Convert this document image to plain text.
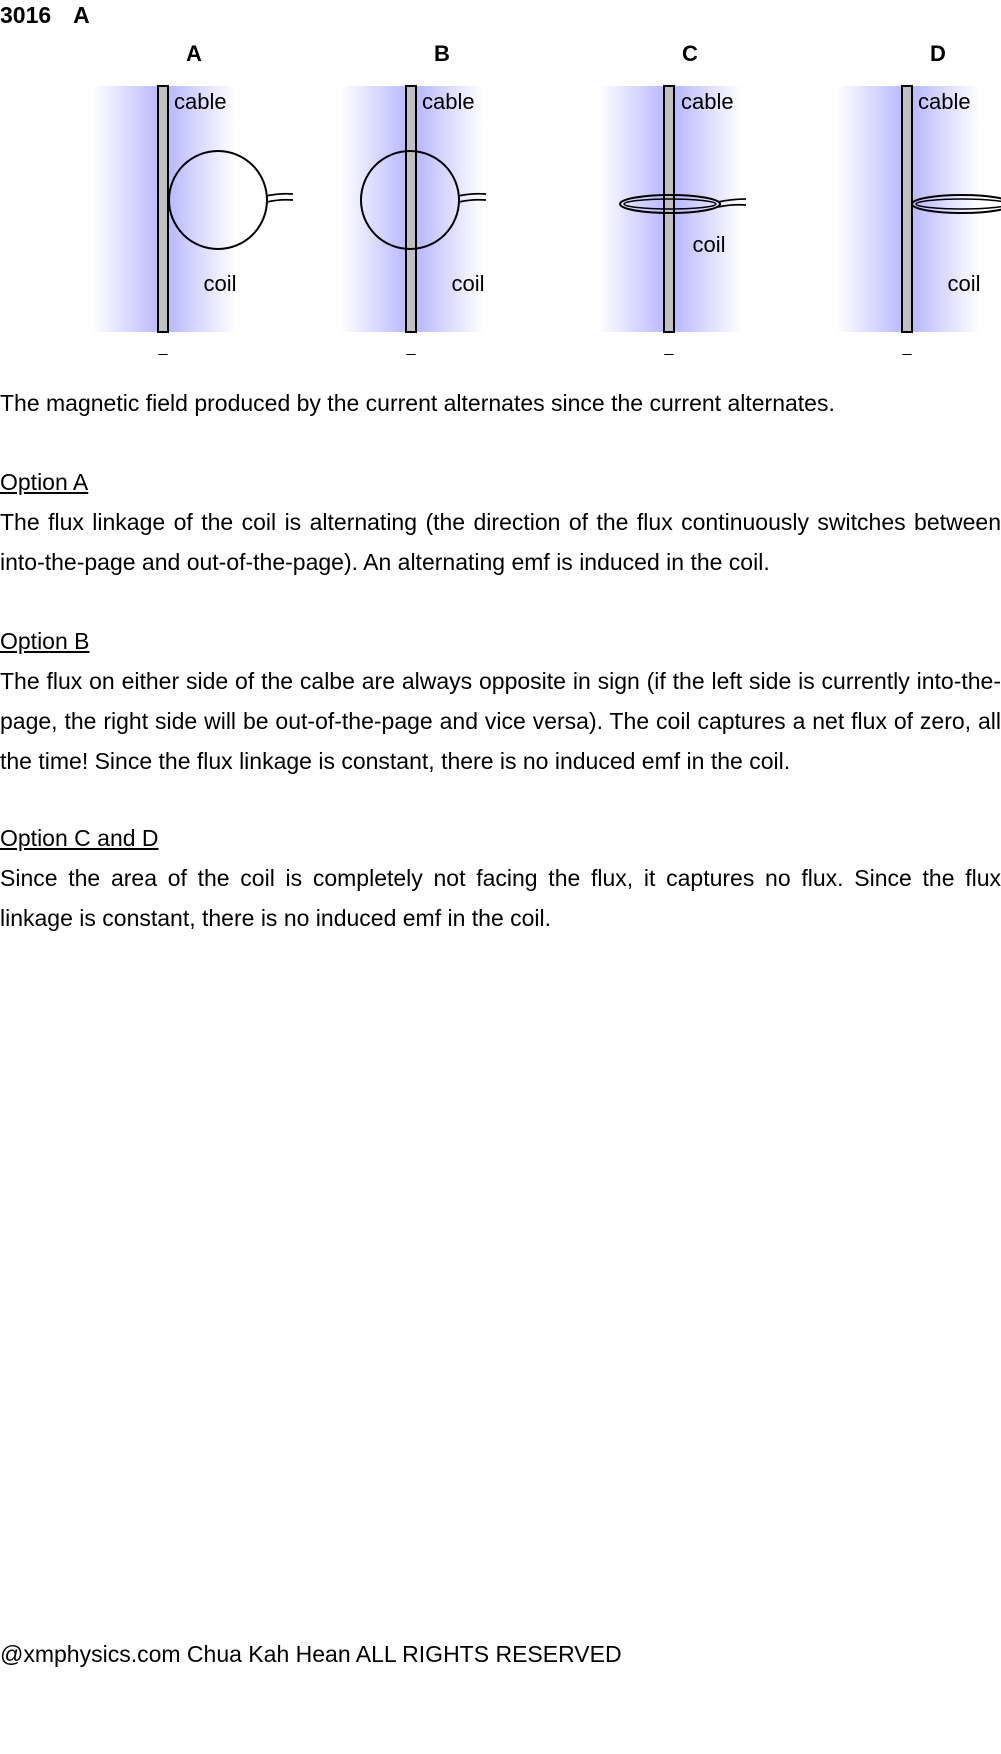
3016 A
A
cable
coil
_
B
cable
coil
_
C
cable
coil
_
D
cable
coil
_
The magnetic field produced by the current alternates since the current alternates.
Option A
The flux linkage of the coil is alternating (the direction of the flux continuously switches between into-the-page and out-of-the-page). An alternating emf is induced in the coil.
Option B
The flux on either side of the calbe are always opposite in sign (if the left side is currently into-the-page, the right side will be out-of-the-page and vice versa). The coil captures a net flux of zero, all the time! Since the flux linkage is constant, there is no induced emf in the coil.
Option C and D
Since the area of the coil is completely not facing the flux, it captures no flux. Since the flux linkage is constant, there is no induced emf in the coil.
@xmphysics.com Chua Kah Hean ALL RIGHTS RESERVED
